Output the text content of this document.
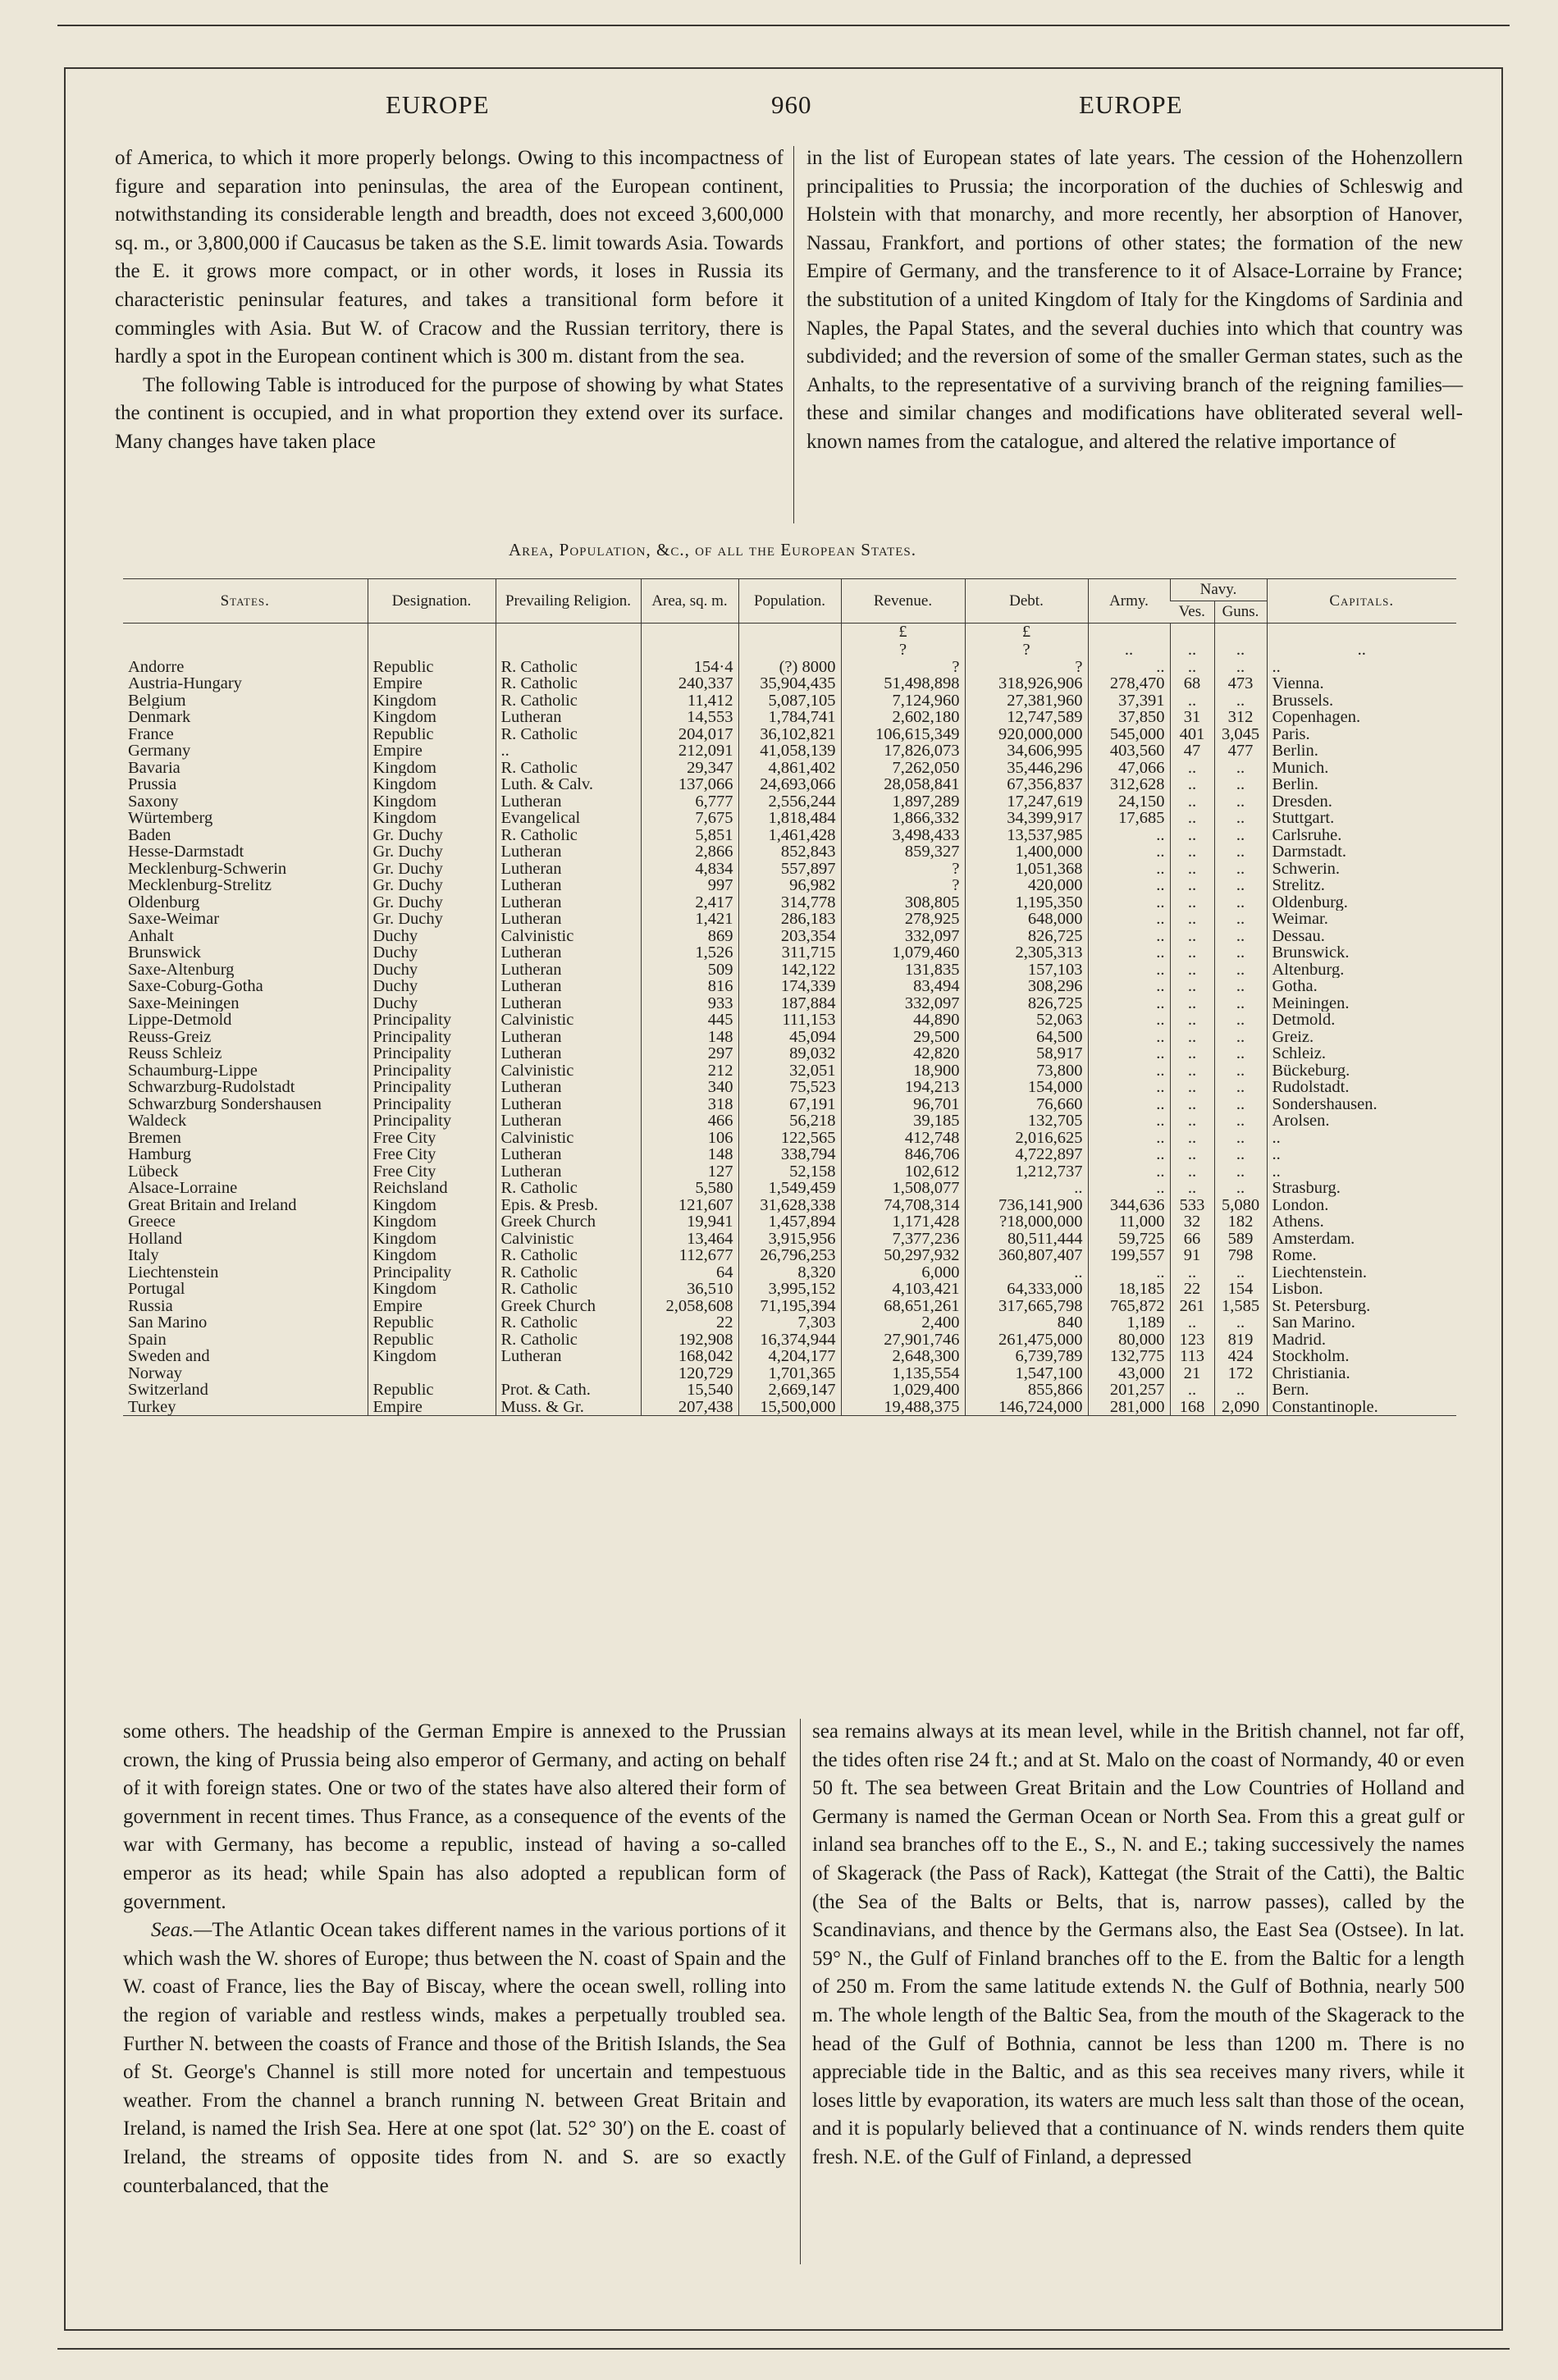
EUROPE	960	EUROPE

of America, to which it more properly belongs. Owing to this incompactness of figure and separation into peninsulas, the area of the European continent, notwithstanding its considerable length and breadth, does not exceed 3,600,000 sq. m., or 3,800,000 if Caucasus be taken as the S.E. limit towards Asia. Towards the E. it grows more compact, or in other words, it loses in Russia its characteristic peninsular features, and takes a transitional form before it commingles with Asia. But W. of Cracow and the Russian territory, there is hardly a spot in the European continent which is 300 m. distant from the sea.

The following Table is introduced for the purpose of showing by what States the continent is occupied, and in what proportion they extend over its surface. Many changes have taken place

in the list of European states of late years. The cession of the Hohenzollern principalities to Prussia; the incorporation of the duchies of Schleswig and Holstein with that monarchy, and more recently, her absorption of Hanover, Nassau, Frankfort, and portions of other states; the formation of the new Empire of Germany, and the transference to it of Alsace-Lorraine by France; the substitution of a united Kingdom of Italy for the Kingdoms of Sardinia and Naples, the Papal States, and the several duchies into which that country was subdivided; and the reversion of some of the smaller German states, such as the Anhalts, to the representative of a surviving branch of the reigning families—these and similar changes and modifications have obliterated several well-known names from the catalogue, and altered the relative importance of

Area, Population, &c., of all the European States.
States.	Designation.	Prevailing Religion.	Area, sq. m.	Population.	Revenue.	Debt.	Army.	Navy.		Capitals.
								Ves.	Guns.	
					£	£				
					?	?	..	..	..	..
Andorre	Republic	R. Catholic	154·4	(?) 8000	?	?	..	..	..	..
Austria-Hungary	Empire	R. Catholic	240,337	35,904,435	51,498,898	318,926,906	278,470	68	473	Vienna.
Belgium	Kingdom	R. Catholic	11,412	5,087,105	7,124,960	27,381,960	37,391	..	..	Brussels.
Denmark	Kingdom	Lutheran	14,553	1,784,741	2,602,180	12,747,589	37,850	31	312	Copenhagen.
France	Republic	R. Catholic	204,017	36,102,821	106,615,349	920,000,000	545,000	401	3,045	Paris.
Germany	Empire	..	212,091	41,058,139	17,826,073	34,606,995	403,560	47	477	Berlin.
Bavaria	Kingdom	R. Catholic	29,347	4,861,402	7,262,050	35,446,296	47,066	..	..	Munich.
Prussia	Kingdom	Luth. & Calv.	137,066	24,693,066	28,058,841	67,356,837	312,628	..	..	Berlin.
Saxony	Kingdom	Lutheran	6,777	2,556,244	1,897,289	17,247,619	24,150	..	..	Dresden.
Würtemberg	Kingdom	Evangelical	7,675	1,818,484	1,866,332	34,399,917	17,685	..	..	Stuttgart.
Baden	Gr. Duchy	R. Catholic	5,851	1,461,428	3,498,433	13,537,985	..	..	..	Carlsruhe.
Hesse-Darmstadt	Gr. Duchy	Lutheran	2,866	852,843	859,327	1,400,000	..	..	..	Darmstadt.
Mecklenburg-Schwerin	Gr. Duchy	Lutheran	4,834	557,897	?	1,051,368	..	..	..	Schwerin.
Mecklenburg-Strelitz	Gr. Duchy	Lutheran	997	96,982	?	420,000	..	..	..	Strelitz.
Oldenburg	Gr. Duchy	Lutheran	2,417	314,778	308,805	1,195,350	..	..	..	Oldenburg.
Saxe-Weimar	Gr. Duchy	Lutheran	1,421	286,183	278,925	648,000	..	..	..	Weimar.
Anhalt	Duchy	Calvinistic	869	203,354	332,097	826,725	..	..	..	Dessau.
Brunswick	Duchy	Lutheran	1,526	311,715	1,079,460	2,305,313	..	..	..	Brunswick.
Saxe-Altenburg	Duchy	Lutheran	509	142,122	131,835	157,103	..	..	..	Altenburg.
Saxe-Coburg-Gotha	Duchy	Lutheran	816	174,339	83,494	308,296	..	..	..	Gotha.
Saxe-Meiningen	Duchy	Lutheran	933	187,884	332,097	826,725	..	..	..	Meiningen.
Lippe-Detmold	Principality	Calvinistic	445	111,153	44,890	52,063	..	..	..	Detmold.
Reuss-Greiz	Principality	Lutheran	148	45,094	29,500	64,500	..	..	..	Greiz.
Reuss Schleiz	Principality	Lutheran	297	89,032	42,820	58,917	..	..	..	Schleiz.
Schaumburg-Lippe	Principality	Calvinistic	212	32,051	18,900	73,800	..	..	..	Bückeburg.
Schwarzburg-Rudolstadt	Principality	Lutheran	340	75,523	194,213	154,000	..	..	..	Rudolstadt.
Schwarzburg Sondershausen	Principality	Lutheran	318	67,191	96,701	76,660	..	..	..	Sondershausen.
Waldeck	Principality	Lutheran	466	56,218	39,185	132,705	..	..	..	Arolsen.
Bremen	Free City	Calvinistic	106	122,565	412,748	2,016,625	..	..	..	..
Hamburg	Free City	Lutheran	148	338,794	846,706	4,722,897	..	..	..	..
Lübeck	Free City	Lutheran	127	52,158	102,612	1,212,737	..	..	..	..
Alsace-Lorraine	Reichsland	R. Catholic	5,580	1,549,459	1,508,077	..	..	..	..	Strasburg.
Great Britain and Ireland	Kingdom	Epis. & Presb.	121,607	31,628,338	74,708,314	736,141,900	344,636	533	5,080	London.
Greece	Kingdom	Greek Church	19,941	1,457,894	1,171,428	?18,000,000	11,000	32	182	Athens.
Holland	Kingdom	Calvinistic	13,464	3,915,956	7,377,236	80,511,444	59,725	66	589	Amsterdam.
Italy	Kingdom	R. Catholic	112,677	26,796,253	50,297,932	360,807,407	199,557	91	798	Rome.
Liechtenstein	Principality	R. Catholic	64	8,320	6,000	..	..	..	..	Liechtenstein.
Portugal	Kingdom	R. Catholic	36,510	3,995,152	4,103,421	64,333,000	18,185	22	154	Lisbon.
Russia	Empire	Greek Church	2,058,608	71,195,394	68,651,261	317,665,798	765,872	261	1,585	St. Petersburg.
San Marino	Republic	R. Catholic	22	7,303	2,400	840	1,189	..	..	San Marino.
Spain	Republic	R. Catholic	192,908	16,374,944	27,901,746	261,475,000	80,000	123	819	Madrid.
Sweden and	Kingdom	Lutheran	168,042	4,204,177	2,648,300	6,739,789	132,775	113	424	Stockholm.
Norway			120,729	1,701,365	1,135,554	1,547,100	43,000	21	172	Christiania.
Switzerland	Republic	Prot. & Cath.	15,540	2,669,147	1,029,400	855,866	201,257	..	..	Bern.
Turkey	Empire	Muss. & Gr.	207,438	15,500,000	19,488,375	146,724,000	281,000	168	2,090	Constantinople.

some others. The headship of the German Empire is annexed to the Prussian crown, the king of Prussia being also emperor of Germany, and acting on behalf of it with foreign states. One or two of the states have also altered their form of government in recent times. Thus France, as a consequence of the events of the war with Germany, has become a republic, instead of having a so-called emperor as its head; while Spain has also adopted a republican form of government.

Seas.—The Atlantic Ocean takes different names in the various portions of it which wash the W. shores of Europe; thus between the N. coast of Spain and the W. coast of France, lies the Bay of Biscay, where the ocean swell, rolling into the region of variable and restless winds, makes a perpetually troubled sea. Further N. between the coasts of France and those of the British Islands, the Sea of St. George's Channel is still more noted for uncertain and tempestuous weather. From the channel a branch running N. between Great Britain and Ireland, is named the Irish Sea. Here at one spot (lat. 52° 30′) on the E. coast of Ireland, the streams of opposite tides from N. and S. are so exactly counterbalanced, that the

sea remains always at its mean level, while in the British channel, not far off, the tides often rise 24 ft.; and at St. Malo on the coast of Normandy, 40 or even 50 ft. The sea between Great Britain and the Low Countries of Holland and Germany is named the German Ocean or North Sea. From this a great gulf or inland sea branches off to the E., S., N. and E.; taking successively the names of Skagerack (the Pass of Rack), Kattegat (the Strait of the Catti), the Baltic (the Sea of the Balts or Belts, that is, narrow passes), called by the Scandinavians, and thence by the Germans also, the East Sea (Ostsee). In lat. 59° N., the Gulf of Finland branches off to the E. from the Baltic for a length of 250 m. From the same latitude extends N. the Gulf of Bothnia, nearly 500 m. The whole length of the Baltic Sea, from the mouth of the Skagerack to the head of the Gulf of Bothnia, cannot be less than 1200 m. There is no appreciable tide in the Baltic, and as this sea receives many rivers, while it loses little by evaporation, its waters are much less salt than those of the ocean, and it is popularly believed that a continuance of N. winds renders them quite fresh. N.E. of the Gulf of Finland, a depressed
